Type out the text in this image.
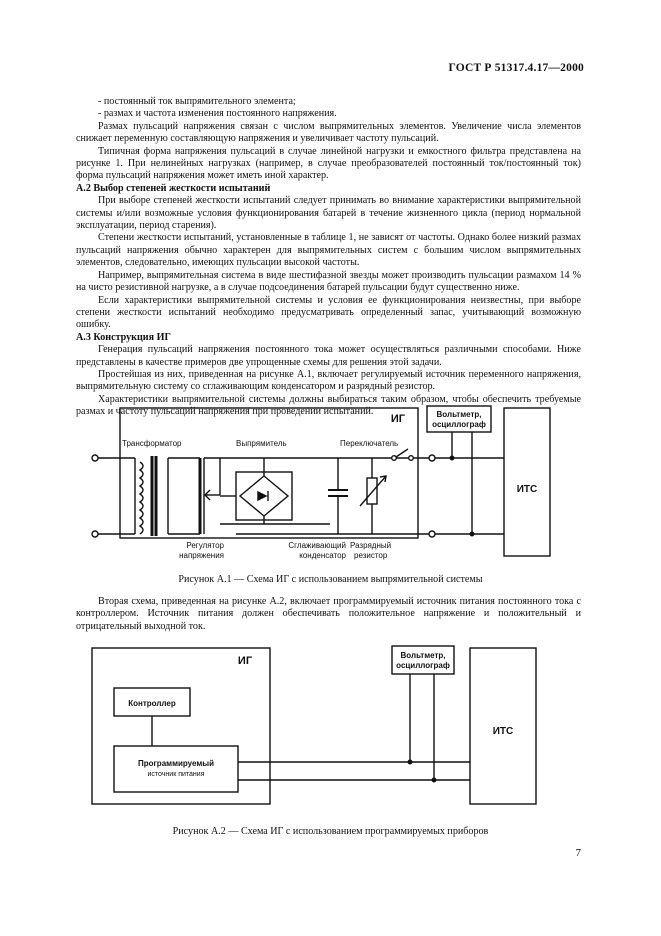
ГОСТ Р 51317.4.17—2000

- постоянный ток выпрямительного элемента;

- размах и частота изменения постоянного напряжения.

Размах пульсаций напряжения связан с числом выпрямительных элементов. Увеличение числа элементов снижает переменную составляющую напряжения и увеличивает частоту пульсаций.

Типичная форма напряжения пульсаций в случае линейной нагрузки и емкостного фильтра представлена на рисунке 1. При нелинейных нагрузках (например, в случае преобразователей постоянный ток/постоянный ток) форма пульсаций напряжения может иметь иной характер.

А.2 Выбор степеней жесткости испытаний

При выборе степеней жесткости испытаний следует принимать во внимание характеристики выпрямительной системы и/или возможные условия функционирования батарей в течение жизненного цикла (период нормальной эксплуатации, период старения).

Степени жесткости испытаний, установленные в таблице 1, не зависят от частоты. Однако более низкий размах пульсаций напряжения обычно характерен для выпрямительных систем с большим числом выпрямительных элементов, следовательно, имеющих пульсации высокой частоты.

Например, выпрямительная система в виде шестифазной звезды может производить пульсации размахом 14 % на чисто резистивной нагрузке, а в случае подсоединения батарей пульсации будут существенно ниже.

Если характеристики выпрямительной системы и условия ее функционирования неизвестны, при выборе степени жесткости испытаний необходимо предусматривать определенный запас, учитывающий возможную ошибку.

А.3 Конструкция ИГ

Генерация пульсаций напряжения постоянного тока может осуществляться различными способами. Ниже представлены в качестве примеров две упрощенные схемы для решения этой задачи.

Простейшая из них, приведенная на рисунке А.1, включает регулируемый источник переменного напряжения, выпрямительную систему со сглаживающим конденсатором и разрядный резистор.

Характеристики выпрямительной системы должны выбираться таким образом, чтобы обеспечить требуемые размах и частоту пульсаций напряжения при проведении испытаний.

ИГ
Трансформатор	Выпрямитель	Переключатель
Регулятор
напряжения
Сглаживающий
конденсатор
Разрядный
резистор
Вольтметр,
осциллограф
ИТС
Рисунок А.1 — Схема ИГ с использованием выпрямительной системы

Вторая схема, приведенная на рисунке А.2, включает программируемый источник питания постоянного тока с контроллером. Источник питания должен обеспечивать положительное напряжение и положительный и отрицательный выходной ток.

ИГ
Контроллер
Программируемый
источник питания
Вольтметр,
осциллограф
ИТС
Рисунок А.2 — Схема ИГ с использованием программируемых приборов
7
